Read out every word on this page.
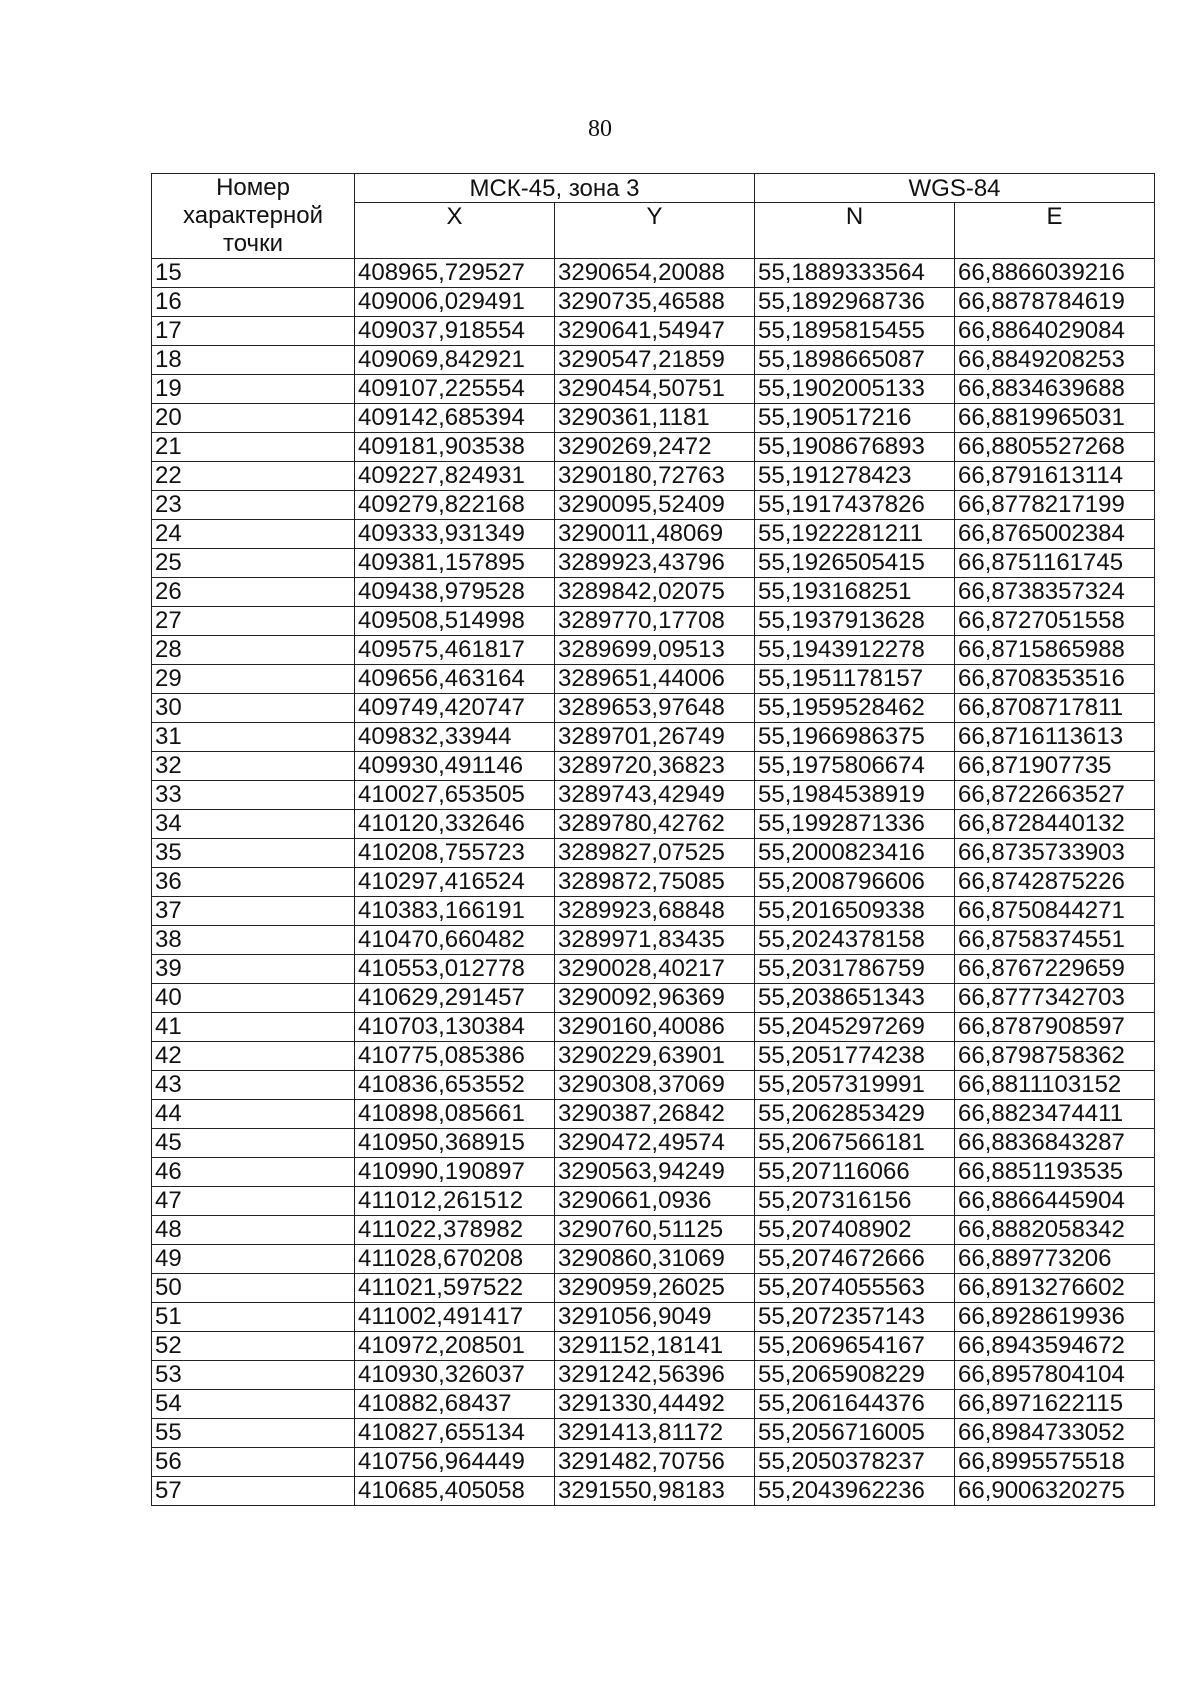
80
Номер характерной точки	МСК-45, зона 3		WGS-84	
	X	Y	N	E
15	408965,729527	3290654,20088	55,1889333564	66,8866039216
16	409006,029491	3290735,46588	55,1892968736	66,8878784619
17	409037,918554	3290641,54947	55,1895815455	66,8864029084
18	409069,842921	3290547,21859	55,1898665087	66,8849208253
19	409107,225554	3290454,50751	55,1902005133	66,8834639688
20	409142,685394	3290361,1181	55,190517216	66,8819965031
21	409181,903538	3290269,2472	55,1908676893	66,8805527268
22	409227,824931	3290180,72763	55,191278423	66,8791613114
23	409279,822168	3290095,52409	55,1917437826	66,8778217199
24	409333,931349	3290011,48069	55,1922281211	66,8765002384
25	409381,157895	3289923,43796	55,1926505415	66,8751161745
26	409438,979528	3289842,02075	55,193168251	66,8738357324
27	409508,514998	3289770,17708	55,1937913628	66,8727051558
28	409575,461817	3289699,09513	55,1943912278	66,8715865988
29	409656,463164	3289651,44006	55,1951178157	66,8708353516
30	409749,420747	3289653,97648	55,1959528462	66,8708717811
31	409832,33944	3289701,26749	55,1966986375	66,8716113613
32	409930,491146	3289720,36823	55,1975806674	66,871907735
33	410027,653505	3289743,42949	55,1984538919	66,8722663527
34	410120,332646	3289780,42762	55,1992871336	66,8728440132
35	410208,755723	3289827,07525	55,2000823416	66,8735733903
36	410297,416524	3289872,75085	55,2008796606	66,8742875226
37	410383,166191	3289923,68848	55,2016509338	66,8750844271
38	410470,660482	3289971,83435	55,2024378158	66,8758374551
39	410553,012778	3290028,40217	55,2031786759	66,8767229659
40	410629,291457	3290092,96369	55,2038651343	66,8777342703
41	410703,130384	3290160,40086	55,2045297269	66,8787908597
42	410775,085386	3290229,63901	55,2051774238	66,8798758362
43	410836,653552	3290308,37069	55,2057319991	66,8811103152
44	410898,085661	3290387,26842	55,2062853429	66,8823474411
45	410950,368915	3290472,49574	55,2067566181	66,8836843287
46	410990,190897	3290563,94249	55,207116066	66,8851193535
47	411012,261512	3290661,0936	55,207316156	66,8866445904
48	411022,378982	3290760,51125	55,207408902	66,8882058342
49	411028,670208	3290860,31069	55,2074672666	66,889773206
50	411021,597522	3290959,26025	55,2074055563	66,8913276602
51	411002,491417	3291056,9049	55,2072357143	66,8928619936
52	410972,208501	3291152,18141	55,2069654167	66,8943594672
53	410930,326037	3291242,56396	55,2065908229	66,8957804104
54	410882,68437	3291330,44492	55,2061644376	66,8971622115
55	410827,655134	3291413,81172	55,2056716005	66,8984733052
56	410756,964449	3291482,70756	55,2050378237	66,8995575518
57	410685,405058	3291550,98183	55,2043962236	66,9006320275
